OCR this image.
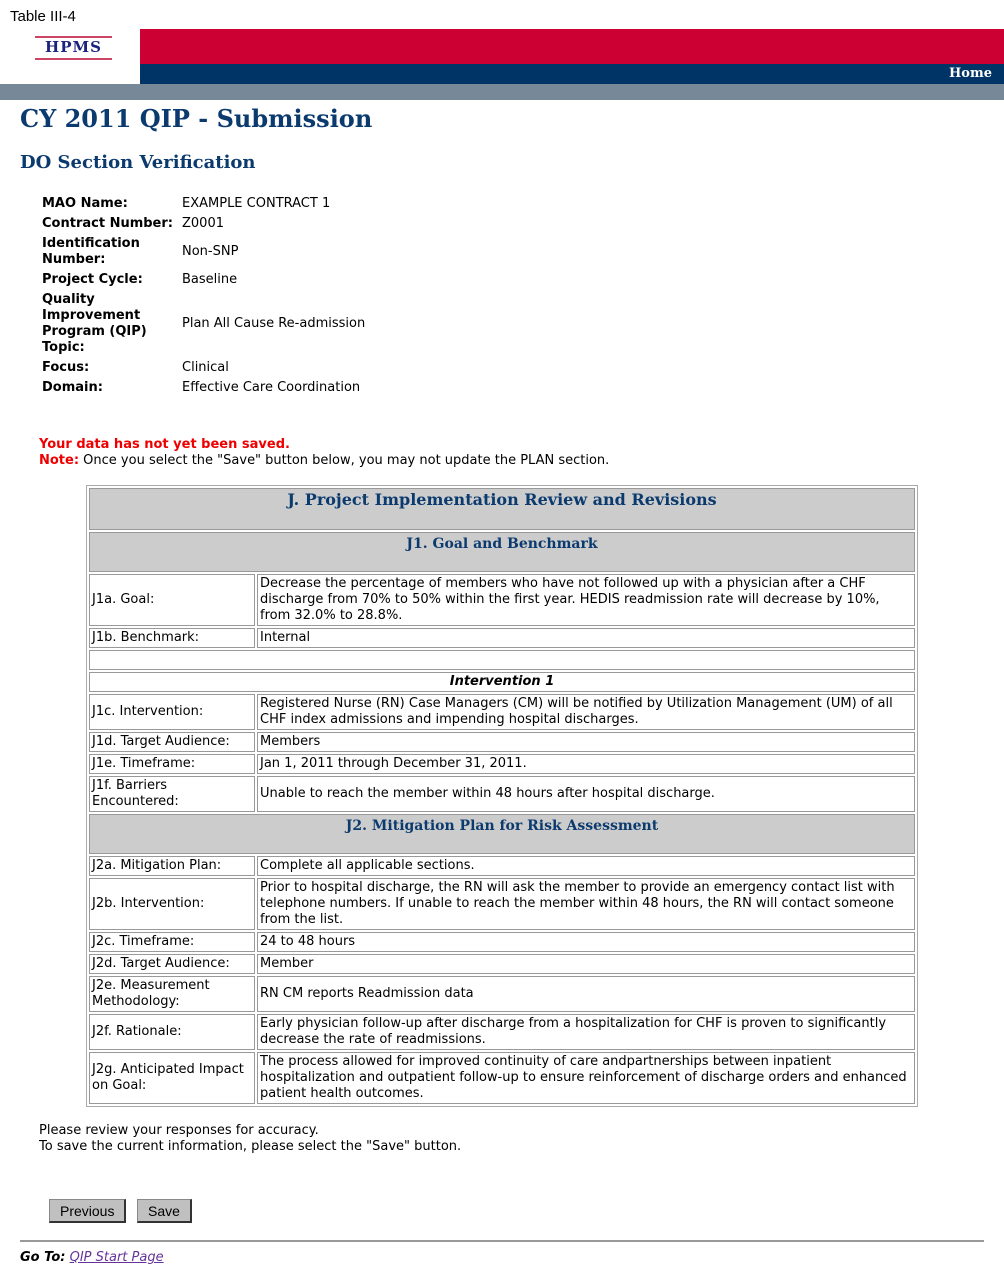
Table III-4
HPMS
Home
CY 2011 QIP - Submission
DO Section Verification
MAO Name:	EXAMPLE CONTRACT 1
Contract Number:	Z0001
Identification Number:	Non-SNP
Project Cycle:	Baseline
Quality Improvement Program (QIP) Topic:	Plan All Cause Re-admission
Focus:	Clinical
Domain:	Effective Care Coordination
Your data has not yet been saved.
Note: Once you select the "Save" button below, you may not update the PLAN section.
J. Project Implementation Review and Revisions	
J1. Goal and Benchmark	
J1a. Goal:	Decrease the percentage of members who have not followed up with a physician after a CHF discharge from 70% to 50% within the first year. HEDIS readmission rate will decrease by 10%, from 32.0% to 28.8%.
J1b. Benchmark:	Internal

Intervention 1	
J1c. Intervention:	Registered Nurse (RN) Case Managers (CM) will be notified by Utilization Management (UM) of all CHF index admissions and impending hospital discharges.
J1d. Target Audience:	Members
J1e. Timeframe:	Jan 1, 2011 through December 31, 2011.
J1f. Barriers Encountered:	Unable to reach the member within 48 hours after hospital discharge.
J2. Mitigation Plan for Risk Assessment	
J2a. Mitigation Plan:	Complete all applicable sections.
J2b. Intervention:	Prior to hospital discharge, the RN will ask the member to provide an emergency contact list with telephone numbers. If unable to reach the member within 48 hours, the RN will contact someone from the list.
J2c. Timeframe:	24 to 48 hours
J2d. Target Audience:	Member
J2e. Measurement Methodology:	RN CM reports Readmission data
J2f. Rationale:	Early physician follow-up after discharge from a hospitalization for CHF is proven to significantly decrease the rate of readmissions.
J2g. Anticipated Impact on Goal:	The process allowed for improved continuity of care andpartnerships between inpatient hospitalization and outpatient follow-up to ensure reinforcement of discharge orders and enhanced patient health outcomes.
Please review your responses for accuracy.
To save the current information, please select the "Save" button.
Previous	Save
Go To: QIP Start Page
